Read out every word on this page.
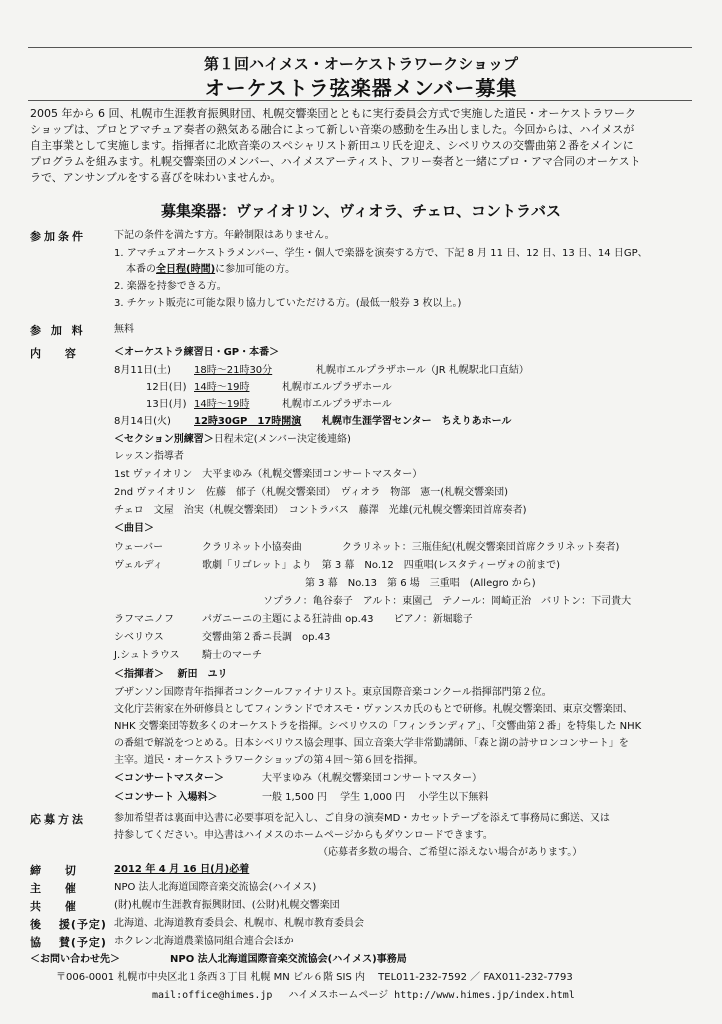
第１回ハイメス・オーケストラワークショップ
オーケストラ弦楽器メンバー募集
2005 年から 6 回、札幌市生涯教育振興財団、札幌交響楽団とともに実行委員会方式で実施した道民・オーケストラワーク
ショップは、プロとアマチュア奏者の熱気ある融合によって新しい音楽の感動を生み出しました。今回からは、ハイメスが
自主事業として実施します。指揮者に北欧音楽のスペシャリスト新田ユリ氏を迎え、シベリウスの交響曲第２番をメインに
プログラムを組みます。札幌交響楽団のメンバー、ハイメスアーティスト、フリー奏者と一緒にプロ・アマ合同のオーケスト
ラで、アンサンブルをする喜びを味わいませんか。
募集楽器：ヴァイオリン、ヴィオラ、チェロ、コントラバス
参加条件	下記の条件を満たす方。年齢制限はありません。
1. アマチュアオーケストラメンバー、学生・個人で楽器を演奏する方で、下記 8 月 11 日、12 日、13 日、14 日GP、
本番の全日程(時間)に参加可能の方。
2. 楽器を持参できる方。
3. チケット販売に可能な限り協力していただける方。(最低一般券 3 枚以上。)
参 加 料	無料
内　 容	＜オーケストラ練習日・GP・本番＞
8月11日(土) 18時～21時30分	札幌市エルプラザホール（JR 札幌駅北口直結）
12日(日) 14時～19時	札幌市エルプラザホール
13日(月) 14時～19時	札幌市エルプラザホール
8月14日(火) 12時30GP　17時開演 札幌市生涯学習センター　ちえりあホール
＜セクション別練習＞日程未定(メンバー決定後連絡)
レッスン指導者
1st ヴァイオリン　大平まゆみ（札幌交響楽団コンサートマスター）
2nd ヴァイオリン　佐藤　郁子（札幌交響楽団）　ヴィオラ　物部　憲一(札幌交響楽団)
チェロ　文屋　治実（札幌交響楽団）　コントラバス　藤澤　光雄(元札幌交響楽団首席奏者)
＜曲目＞
ウェーバー	クラリネット小協奏曲	クラリネット：三瓶佳紀(札幌交響楽団首席クラリネット奏者)
ヴェルディ	歌劇「リゴレット」より　第 3 幕　No.12　四重唱(レスタティーヴォの前まで)
第 3 幕　No.13　第 6 場　三重唱　(Allegro から)
ソプラノ：亀谷泰子　アルト：東園己　テノール：岡崎正治　バリトン：下司貴大
ラフマニノフ	パガニーニの主題による狂詩曲 op.43　　ピアノ：新堀聡子
シベリウス	交響曲第２番ニ長調　op.43
J.シュトラウス 騎士のマーチ
＜指揮者＞　 新田　ユリ
ブザンソン国際青年指揮者コンクールファイナリスト。東京国際音楽コンクール指揮部門第２位。
文化庁芸術家在外研修員としてフィンランドでオスモ・ヴァンスカ氏のもとで研修。札幌交響楽団、東京交響楽団、
NHK 交響楽団等数多くのオーケストラを指揮。シベリウスの「フィンランディア」、「交響曲第２番」を特集した NHK
の番組で解説をつとめる。日本シベリウス協会理事、国立音楽大学非常勤講師、「森と湖の詩サロンコンサート」を
主宰。道民・オーケストラワークショップの第４回～第６回を指揮。
＜コンサートマスター＞	大平まゆみ（札幌交響楽団コンサートマスター）
＜コンサート 入場料＞	一般 1,500 円　 学生 1,000 円　 小学生以下無料
応募方法	参加希望者は裏面申込書に必要事項を記入し、ご自身の演奏MD・カセットテープを添えて事務局に郵送、又は
持参してください。申込書はハイメスのホームページからもダウンロードできます。
（応募者多数の場合、ご希望に添えない場合があります。）
締　 切	2012 年 4 月 16 日(月)必着
主　 催	NPO 法人北海道国際音楽交流協会(ハイメス)
共　 催	(財)札幌市生涯教育振興財団、(公財)札幌交響楽団
後　 援(予定) 北海道、北海道教育委員会、札幌市、札幌市教育委員会
協　 賛(予定) ホクレン北海道農業協同組合連合会ほか
＜お問い合わせ先＞	NPO 法人北海道国際音楽交流協会(ハイメス)事務局
〒006-0001 札幌市中央区北１条西３丁目 札幌 MN ビル６階 SIS 内　 TEL011-232-7592 ／ FAX011-232-7793
mail:office@himes.jp　 ハイメスホームページ http://www.himes.jp/index.html
